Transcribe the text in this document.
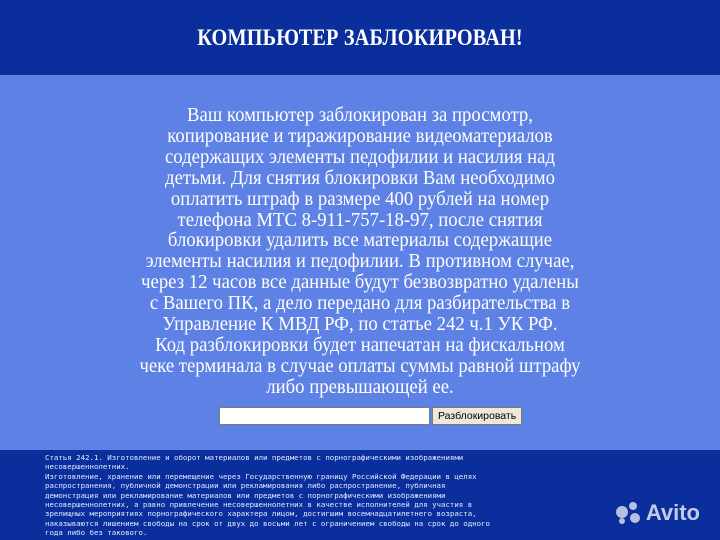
КОМПЬЮТЕР ЗАБЛОКИРОВАН!
Ваш компьютер заблокирован за просмотр,
копирование и тиражирование видеоматериалов
содержащих элементы педофилии и насилия над
детьми. Для снятия блокировки Вам необходимо
оплатить штраф в размере 400 рублей на номер
телефона МТС 8-911-757-18-97, после снятия
блокировки удалить все материалы содержащие
элементы насилия и педофилии. В противном случае,
через 12 часов все данные будут безвозвратно удалены
с Вашего ПК, а дело передано для разбирательства в
Управление К МВД РФ, по статье 242 ч.1 УК РФ.
Код разблокировки будет напечатан на фискальном
чеке терминала в случае оплаты суммы равной штрафу
либо превышающей ее.
Разблокировать
Статья 242.1. Изготовление и оборот материалов или предметов с порнографическими изображениями
несовершеннолетних.
Изготовление, хранение или перемещение через Государственную границу Российской Федерации в целях
распространения, публичной демонстрации или рекламирования либо распространение, публичная
демонстрация или рекламирование материалов или предметов с порнографическими изображениями
несовершеннолетних, а равно привлечение несовершеннолетних в качестве исполнителей для участия в
зрелищных мероприятиях порнографического характера лицом, достигшим восемнадцатилетнего возраста,
наказываются лишением свободы на срок от двух до восьми лет с ограничением свободы на срок до одного
года либо без такового.
Avito
